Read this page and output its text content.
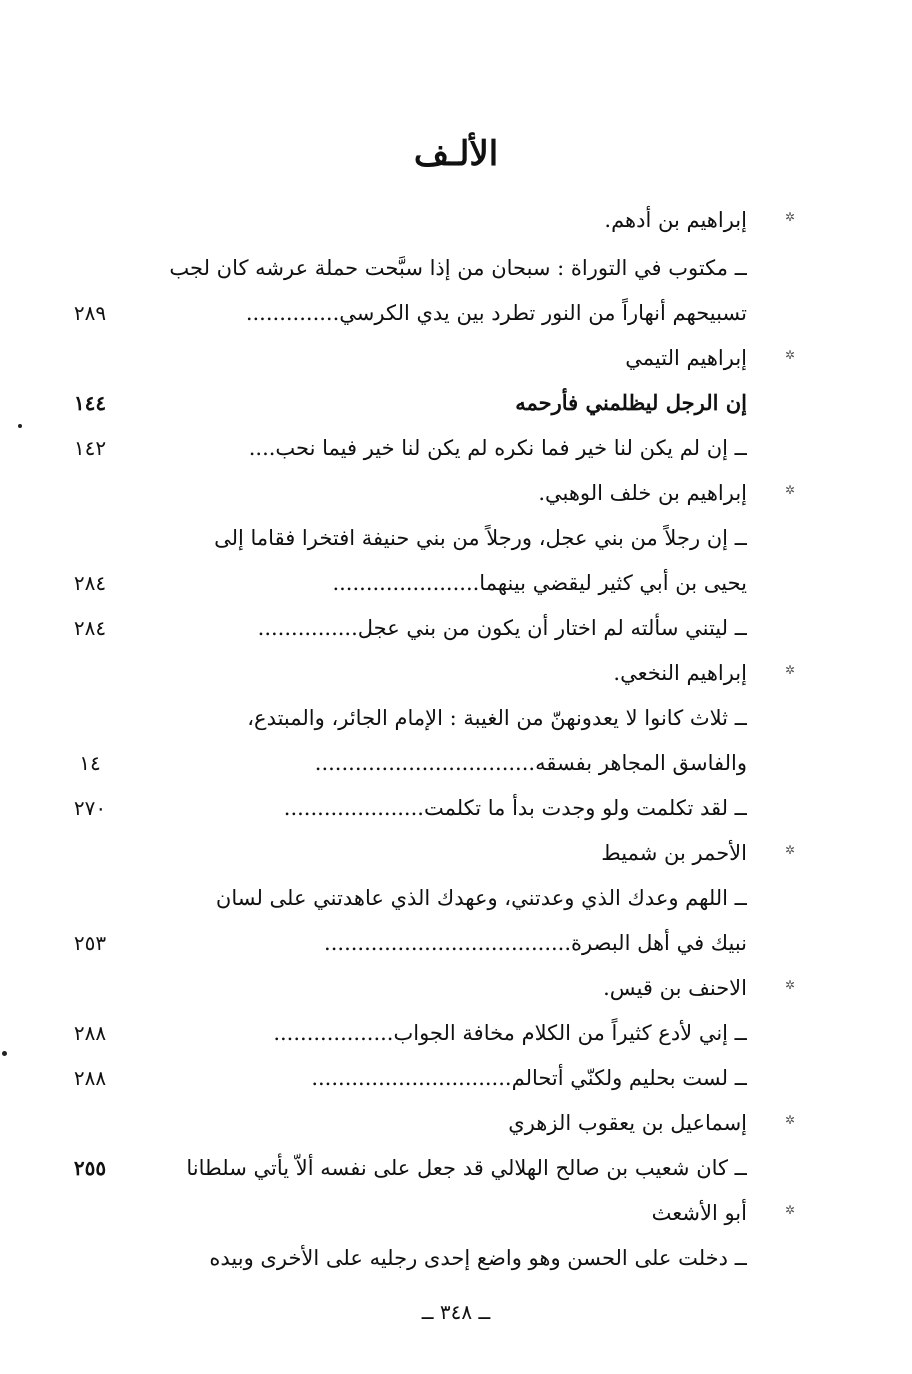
الألـف
✲
إبراهيم بن أدهم.
ــ مكتوب في التوراة : سبحان من إذا سبَّحت حملة عرشه كان لجب
تسبيحهم أنهاراً من النور تطرد بين يدي الكرسي..............
٢٨٩
✲
إبراهيم التيمي
إن الرجل ليظلمني فأرحمه
١٤٤
ــ إن لم يكن لنا خير فما نكره لم يكن لنا خير فيما نحب....
١٤٢
✲
إبراهيم بن خلف الوهبي.
ــ إن رجلاً من بني عجل، ورجلاً من بني حنيفة افتخرا فقاما إلى
يحيى بن أبي كثير ليقضي بينهما......................
٢٨٤
ــ ليتني سألته لم اختار أن يكون من بني عجل...............
٢٨٤
✲
إبراهيم النخعي.
ــ ثلاث كانوا لا يعدونهنّ من الغيبة : الإمام الجائر، والمبتدع،
والفاسق المجاهر بفسقه.................................
١٤
ــ لقد تكلمت ولو وجدت بدأ ما تكلمت.....................
٢٧٠
✲
الأحمر بن شميط
ــ اللهم وعدك الذي وعدتني، وعهدك الذي عاهدتني على لسان
نبيك في أهل البصرة.....................................
٢٥٣
✲
الاحنف بن قيس.
ــ إني لأدع كثيراً من الكلام مخافة الجواب..................
٢٨٨
ــ لست بحليم ولكنّي أتحالم..............................
٢٨٨
✲
إسماعيل بن يعقوب الزهري
ــ كان شعيب بن صالح الهلالي قد جعل على نفسه ألاّ يأتي سلطانا
٢٥٥
✲
أبو الأشعث
ــ دخلت على الحسن وهو واضع إحدى رجليه على الأخرى وبيده
ــ ٣٤٨ ــ
